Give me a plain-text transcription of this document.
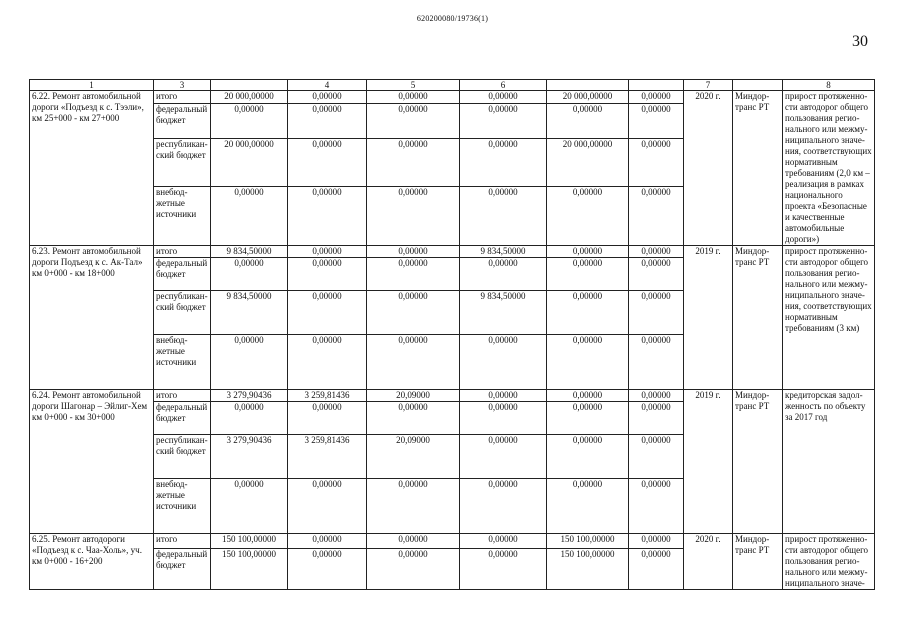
620200080/19736(1)
30
1	3		4	5	6			7		8
6.22. Ремонт автомобильной дороги «Подъезд к с. Тээли», км 25+000 - км 27+000	итого	20 000,00000	0,00000	0,00000	0,00000	20 000,00000	0,00000	2020 г.	Миндортранс РТ	прирост протяженности автодорог общего пользования регионального или межмуниципального значения, соответствующих нормативным требованиям (2,0 км – реализация в рамках национального проекта «Безопасные и качественные автомобильные дороги»)
	федеральный бюджет	0,00000	0,00000	0,00000	0,00000	0,00000	0,00000			
	республиканский бюджет	20 000,00000	0,00000	0,00000	0,00000	20 000,00000	0,00000			
	внебюджетные источники	0,00000	0,00000	0,00000	0,00000	0,00000	0,00000			
6.23. Ремонт автомобильной дороги Подъезд к с. Ак-Тал» км 0+000 - км 18+000	итого	9 834,50000	0,00000	0,00000	9 834,50000	0,00000	0,00000	2019 г.	Миндортранс РТ	прирост протяженности автодорог общего пользования регионального или межмуниципального значения, соответствующих нормативным требованиям (3 км)
	федеральный бюджет	0,00000	0,00000	0,00000	0,00000	0,00000	0,00000			
	республиканский бюджет	9 834,50000	0,00000	0,00000	9 834,50000	0,00000	0,00000			
	внебюджетные источники	0,00000	0,00000	0,00000	0,00000	0,00000	0,00000			
6.24. Ремонт автомобильной дороги Шагонар – Эйлиг-Хем км 0+000 - км 30+000	итого	3 279,90436	3 259,81436	20,09000	0,00000	0,00000	0,00000	2019 г.	Миндортранс РТ	кредиторская задолженность по объекту за 2017 год
	федеральный бюджет	0,00000	0,00000	0,00000	0,00000	0,00000	0,00000			
	республиканский бюджет	3 279,90436	3 259,81436	20,09000	0,00000	0,00000	0,00000			
	внебюджетные источники	0,00000	0,00000	0,00000	0,00000	0,00000	0,00000			
6.25. Ремонт автодороги «Подъезд к с. Чаа-Холь», уч. км 0+000 - 16+200	итого	150 100,00000	0,00000	0,00000	0,00000	150 100,00000	0,00000	2020 г.	Миндортранс РТ	прирост протяженности автодорог общего пользования регионального или межмуниципального значе-
	федеральный бюджет	150 100,00000	0,00000	0,00000	0,00000	150 100,00000	0,00000			
